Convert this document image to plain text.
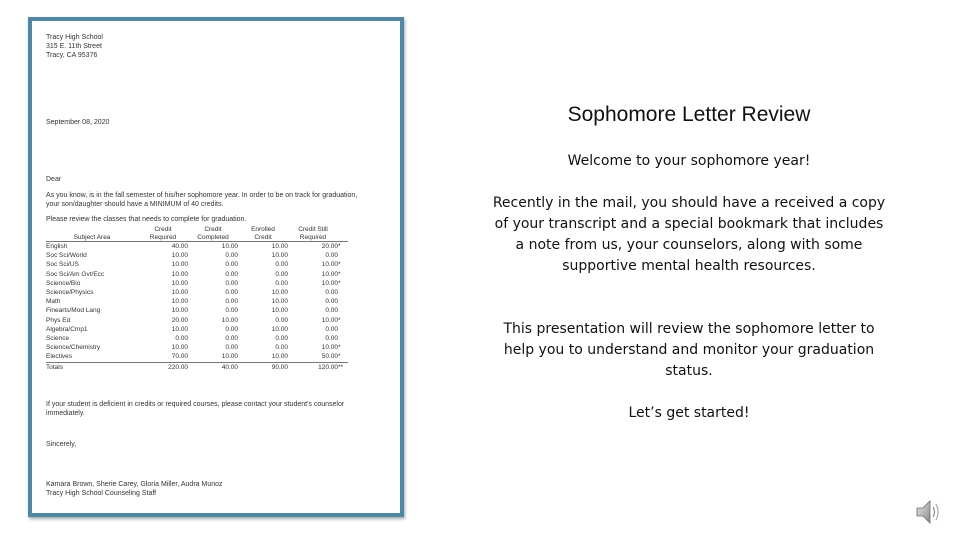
Tracy High School
315 E. 11th Street
Tracy, CA 95376

September 08, 2020

Dear

As you know, is in the fall semester of his/her sophomore year. In order to be on track for graduation,

your son/daughter should have a MINIMUM of 40 credits.

Please review the classes that needs to complete for graduation.

	Credit	Credit	Enrolled	Credit Still	
Subject Area	Required	Completed	Credit	Required	
English	40.00	10.00	10.00	20.00	*
Soc Sci/World	10.00	0.00	10.00	0.00	
Soc Sci/US	10.00	0.00	0.00	10.00	*
Soc Sci/Am Gvt/Ecc	10.00	0.00	0.00	10.00	*
Science/Bio	10.00	0.00	0.00	10.00	*
Science/Physics	10.00	0.00	10.00	0.00	
Math	10.00	0.00	10.00	0.00	
Finearts/Mod Lang	10.00	0.00	10.00	0.00	
Phys Ed	20.00	10.00	0.00	10.00	*
Algebra/Cmp1	10.00	0.00	10.00	0.00	
Science	0.00	0.00	0.00	0.00	
Science/Chemistry	10.00	0.00	0.00	10.00	*
Electives	70.00	10.00	10.00	50.00	*
Totals	220.00	40.00	90.00	120.00	**

If your student is deficient in credits or required courses, please contact your student's counselor immediately.

Sincerely,

Kamara Brown, Sherie Carey, Gloria Miller, Audra Munoz

Tracy High School Counseling Staff

Sophomore Letter Review

Welcome to your sophomore year!

Recently in the mail, you should have a received a copy of your transcript and a special bookmark that includes a note from us, your counselors, along with some supportive mental health resources.

This presentation will review the sophomore letter to help you to understand and monitor your graduation status.

Let’s get started!
